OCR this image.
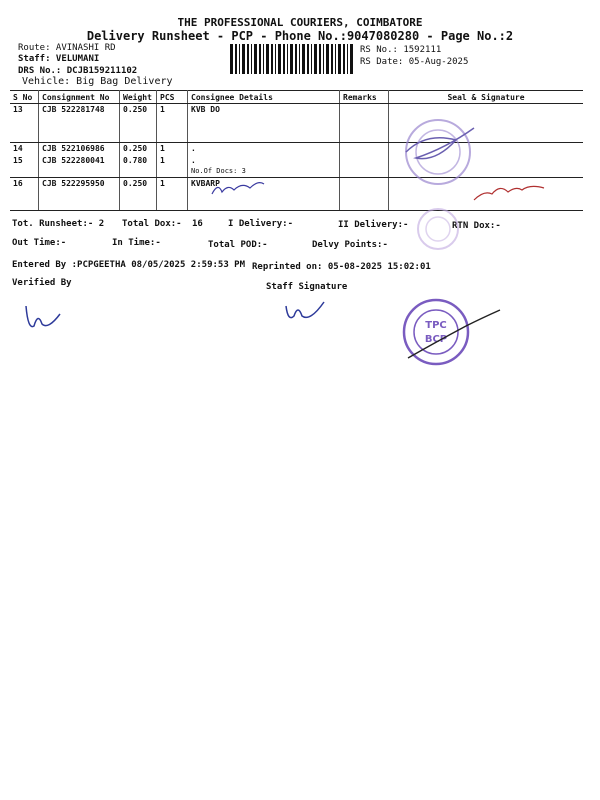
THE PROFESSIONAL COURIERS, COIMBATORE
Delivery Runsheet - PCP - Phone No.:9047080280 - Page No.:2
Route: AVINASHI RD
Staff: VELUMANI
DRS No.: DCJB159211102
Vehicle: Big Bag Delivery
RS No.: 1592111
RS Date: 05-Aug-2025
S No	Consignment No	Weight	PCS	Consignee Details	Remarks	Seal & Signature
13	CJB 522281748	0.250	1	KVB DO		
14	CJB 522106986	0.250	1	.		
15	CJB 522280041	0.780	1	.
No.Of Docs: 3		

16	CJB 522295950	0.250	1	KVBARP		
Tot. Runsheet:- 2 Total Dox:- 16	I Delivery:-	II Delivery:-	RTN Dox:-
Out Time:-	In Time:-	Total POD:-	Delvy Points:-
Entered By :PCPGEETHA 08/05/2025 2:59:53 PM Reprinted on: 05-08-2025 15:02:01
Verified By	Staff Signature
TPC
BCP
